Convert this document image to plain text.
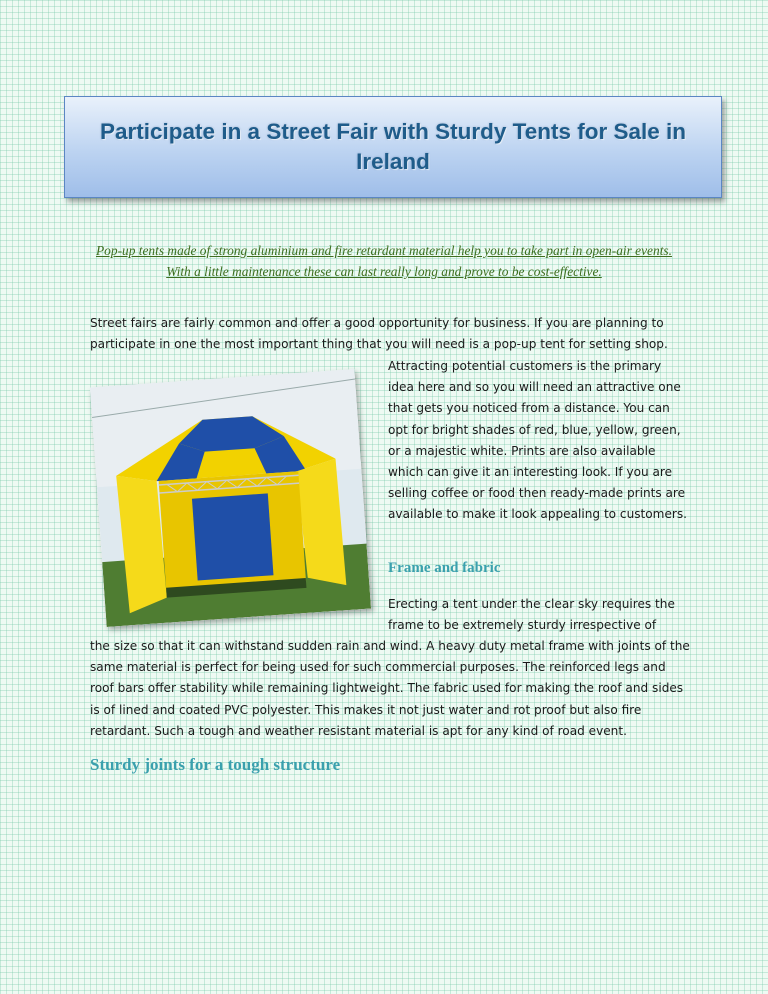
Participate in a Street Fair with Sturdy Tents for Sale in Ireland
Pop-up tents made of strong aluminium and fire retardant material help you to take part in open-air events. With a little maintenance these can last really long and prove to be cost-effective.

Street fairs are fairly common and offer a good opportunity for business. If you are planning to participate in one the most important thing that you will need is a pop-up tent for setting shop.

Attracting potential customers is the primary idea here and so you will need an attractive one that gets you noticed from a distance. You can opt for bright shades of red, blue, yellow, green, or a majestic white. Prints are also available which can give it an interesting look. If you are selling coffee or food then ready-made prints are available to make it look appealing to customers.

Frame and fabric

Erecting a tent under the clear sky requires the frame to be extremely sturdy irrespective of

the size so that it can withstand sudden rain and wind. A heavy duty metal frame with joints of the same material is perfect for being used for such commercial purposes. The reinforced legs and roof bars offer stability while remaining lightweight. The fabric used for making the roof and sides is of lined and coated PVC polyester. This makes it not just water and rot proof but also fire retardant. Such a tough and weather resistant material is apt for any kind of road event.

Sturdy joints for a tough structure
